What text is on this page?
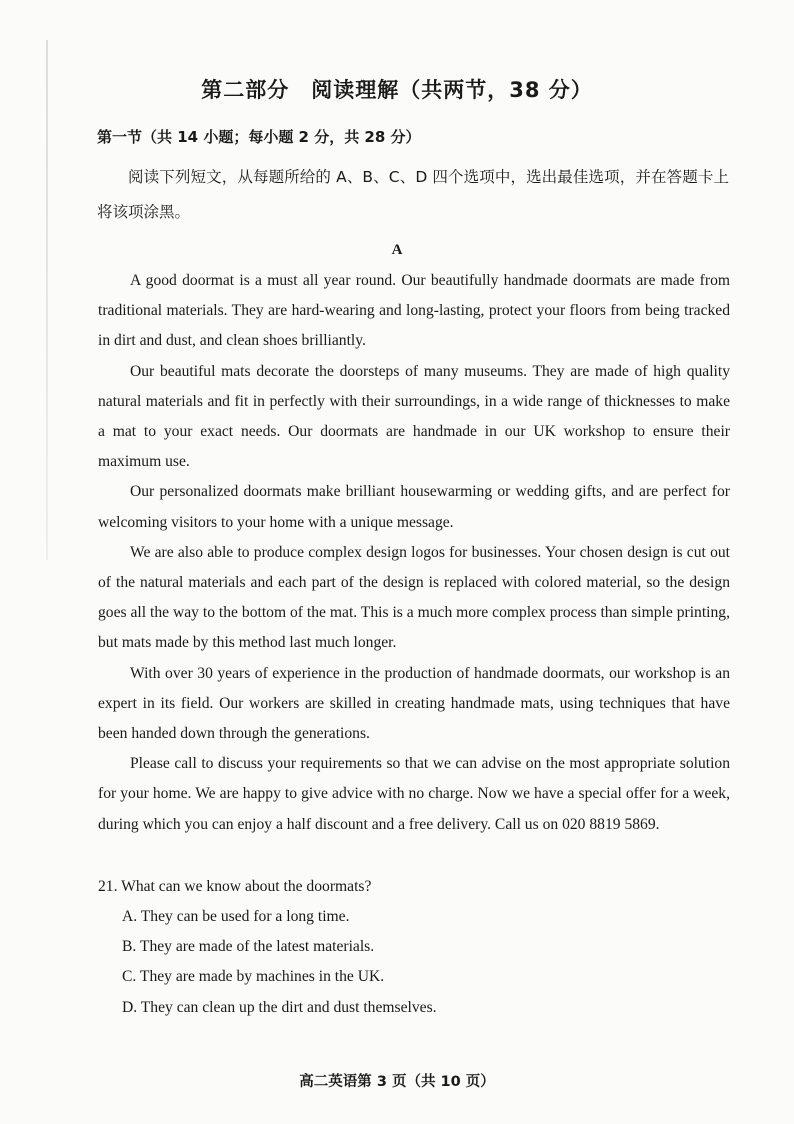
第二部分　阅读理解（共两节，38 分）
第一节（共 14 小题；每小题 2 分，共 28 分）
阅读下列短文，从每题所给的 A、B、C、D 四个选项中，选出最佳选项，并在答题卡上将该项涂黑。
A

A good doormat is a must all year round. Our beautifully handmade doormats are made from traditional materials. They are hard-wearing and long-lasting, protect your floors from being tracked in dirt and dust, and clean shoes brilliantly.

Our beautiful mats decorate the doorsteps of many museums. They are made of high quality natural materials and fit in perfectly with their surroundings, in a wide range of thicknesses to make a mat to your exact needs. Our doormats are handmade in our UK workshop to ensure their maximum use.

Our personalized doormats make brilliant housewarming or wedding gifts, and are perfect for welcoming visitors to your home with a unique message.

We are also able to produce complex design logos for businesses. Your chosen design is cut out of the natural materials and each part of the design is replaced with colored material, so the design goes all the way to the bottom of the mat. This is a much more complex process than simple printing, but mats made by this method last much longer.

With over 30 years of experience in the production of handmade doormats, our workshop is an expert in its field. Our workers are skilled in creating handmade mats, using techniques that have been handed down through the generations.

Please call to discuss your requirements so that we can advise on the most appropriate solution for your home. We are happy to give advice with no charge. Now we have a special offer for a week, during which you can enjoy a half discount and a free delivery. Call us on 020 8819 5869.

21. What can we know about the doormats?
A. They can be used for a long time.
B. They are made of the latest materials.
C. They are made by machines in the UK.
D. They can clean up the dirt and dust themselves.
高二英语第 3 页（共 10 页）
